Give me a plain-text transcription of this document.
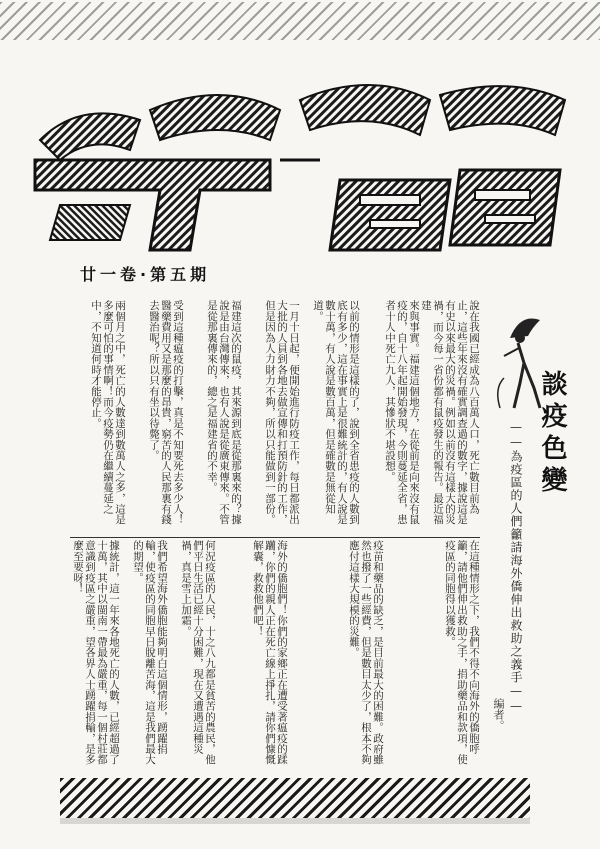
期五第·卷一廿
談疫色變
——為疫區的人們籲請海外僑伸出救助之義手——
編者。
說在我國已經成為八百萬人口，死亡數目前為止，這些年來沒有確實調查過的數字，據說這是有史以來最大的災禍。例如以前沒有這樣大的災禍，而今每一省份都有鼠疫發生的報告。最近福建
來與事實。福建這個地方，在從前是向來沒有鼠疫的，自十八年起開始發現，今則蔓延全省，患者十人中死亡九人，其慘狀不堪設想。
以前的情形是這樣的了，說到全省患疫的人數到底有多少，這在事實上是很難統計的，有人說是數十萬，有人說是數百萬，但是確數是無從知道。
一月十日起，便開始進行防疫工作，每日都派出大批的人員到各地去做宣傳和打預防針的工作，但是因為人力財力不夠，所以只能做到一部份。
福建這次的鼠疫，其來源到底是從那裏來的？據說是由台灣傳來，也有人說是從廣東傳來。不管是從那裏傳來的，總之是福建省的不幸。
受到這種瘟疫的打擊，真是不知要死去多少人！醫藥費用又是那麼的昂貴，窮苦的人民那裏有錢去醫治呢？所以只有坐以待斃了。
兩個月之中，死亡的人數達到數萬人之多，這是多麼可怕的事情啊！而今疫勢仍在繼續蔓延之中，不知道何時才能停止。
在這種情形之下，我們不得不向海外的僑胞呼籲，請他們伸出救助之手，捐助藥品和款項，使疫區的同胞得以獲救。
疫苗和藥品的缺乏，是目前最大的困難。政府雖然也撥了一些經費，但是數目太少了，根本不夠應付這樣大規模的災難。
海外的僑胞們！你們的家鄉正在遭受著瘟疫的蹂躪，你們的親人正在死亡線上掙扎，請你們慷慨解囊，救救他們吧！
何況疫區的人民，十之八九都是貧苦的農民，他們平日生活已經十分困難，現在又遭遇這種災禍，真是雪上加霜。
我們希望海外僑胞能夠明白這個情形，踴躍捐輸，使疫區的同胞早日脫離苦海，這是我們最大的期望。
據統計，這一年來各地死亡的人數，已經超過了十萬，其中以閩南一帶最為嚴重，每一個村莊都
意識到疫區之嚴重，望各界人士踴躍捐輸，是多麼至要呀！
